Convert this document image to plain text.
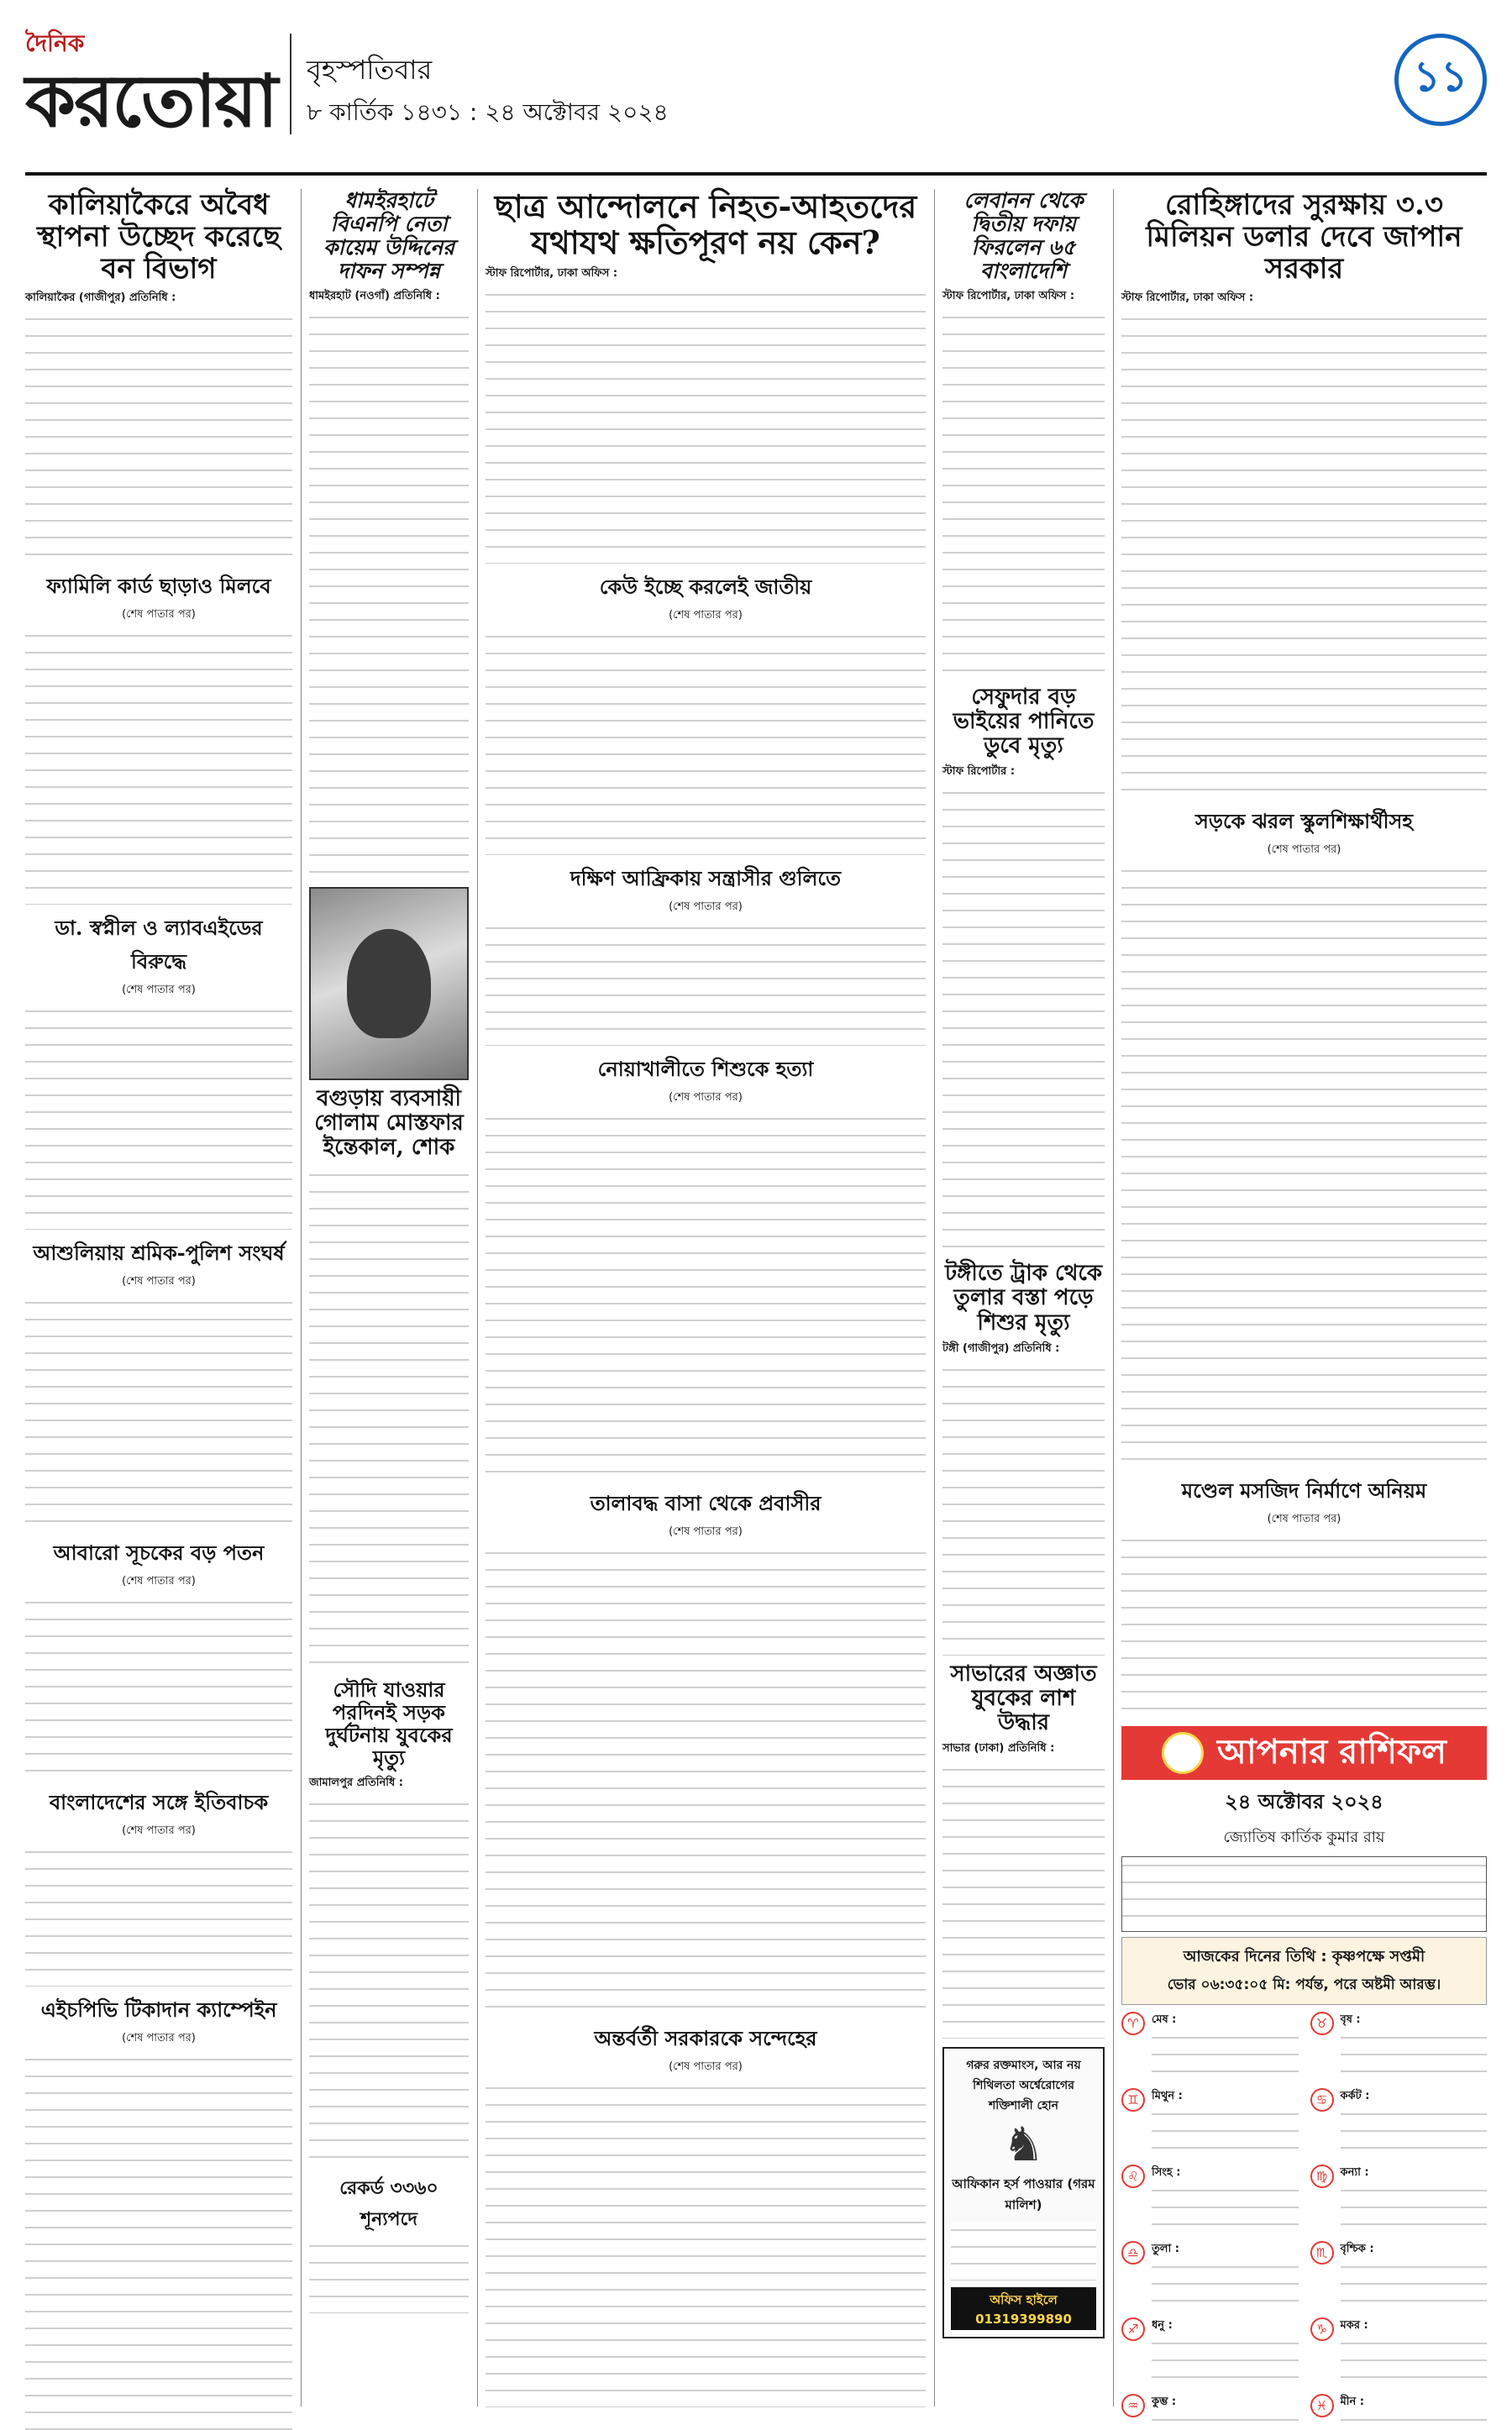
দৈনিক
করতোয়া বৃহস্পতিবার
৮ কার্তিক ১৪৩১ : ২৪ অক্টোবর ২০২৪
১১
কালিয়াকৈরে অবৈধ স্থাপনা উচ্ছেদ করেছে বন বিভাগ
কালিয়াকৈর (গাজীপুর) প্রতিনিধি :
ফ্যামিলি কার্ড ছাড়াও মিলবে
(শেষ পাতার পর)
ডা. স্বপ্নীল ও ল্যাবএইডের বিরুদ্ধে
(শেষ পাতার পর)
আশুলিয়ায় শ্রমিক-পুলিশ সংঘর্ষ
(শেষ পাতার পর)
আবারো সূচকের বড় পতন
(শেষ পাতার পর)
বাংলাদেশের সঙ্গে ইতিবাচক
(শেষ পাতার পর)
এইচপিভি টিকাদান ক্যাম্পেইন
(শেষ পাতার পর)
ধামইরহাটে বিএনপি নেতা কায়েম উদ্দিনের দাফন সম্পন্ন
ধামইরহাট (নওগাঁ) প্রতিনিধি :
বগুড়ায় ব্যবসায়ী গোলাম মোস্তফার ইন্তেকাল, শোক
সৌদি যাওয়ার পরদিনই সড়ক দুর্ঘটনায় যুবকের মৃত্যু
জামালপুর প্রতিনিধি :
রেকর্ড ৩৩৬০ শূন্যপদে
ছাত্র আন্দোলনে নিহত-আহতদের যথাযথ ক্ষতিপূরণ নয় কেন?
স্টাফ রিপোর্টার, ঢাকা অফিস :
কেউ ইচ্ছে করলেই জাতীয়
(শেষ পাতার পর)
দক্ষিণ আফ্রিকায় সন্ত্রাসীর গুলিতে
(শেষ পাতার পর)
নোয়াখালীতে শিশুকে হত্যা
(শেষ পাতার পর)
তালাবদ্ধ বাসা থেকে প্রবাসীর
(শেষ পাতার পর)
অন্তর্বর্তী সরকারকে সন্দেহের
(শেষ পাতার পর)
লেবানন থেকে দ্বিতীয় দফায় ফিরলেন ৬৫ বাংলাদেশি
স্টাফ রিপোর্টার, ঢাকা অফিস :
সেফুদার বড় ভাইয়ের পানিতে ডুবে মৃত্যু
স্টাফ রিপোর্টার :
টঙ্গীতে ট্রাক থেকে তুলার বস্তা পড়ে শিশুর মৃত্যু
টঙ্গী (গাজীপুর) প্রতিনিধি :
সাভারের অজ্ঞাত যুবকের লাশ উদ্ধার
সাভার (ঢাকা) প্রতিনিধি :
গরুর রক্তমাংস, আর নয় শিথিলতা অর্শ্বেরোগের শক্তিশালী হোন
♞
আফিকান হর্স পাওয়ার (গরম মালিশ)
অফিস হাইলে 01319399890
রোহিঙ্গাদের সুরক্ষায় ৩.৩ মিলিয়ন ডলার দেবে জাপান সরকার
স্টাফ রিপোর্টার, ঢাকা অফিস :
সড়কে ঝরল স্কুলশিক্ষার্থীসহ
(শেষ পাতার পর)
মণ্ডেল মসজিদ নির্মাণে অনিয়ম
(শেষ পাতার পর)
আপনার রাশিফল
২৪ অক্টোবর ২০২৪
জ্যোতিষ কার্তিক কুমার রায়
আজকের দিনের তিথি : কৃষ্ণপক্ষে সপ্তমী
ভোর ০৬:৩৫:০৫ মি: পর্যন্ত, পরে অষ্টমী আরম্ভ।
♈	মেষ :	♉	বৃষ :
♊	মিথুন :	♋	কর্কট :
♌	সিংহ :	♍	কন্যা :
♎	তুলা :	♏	বৃশ্চিক :
♐	ধনু :	♑	মকর :
♒	কুম্ভ :	♓	মীন :
